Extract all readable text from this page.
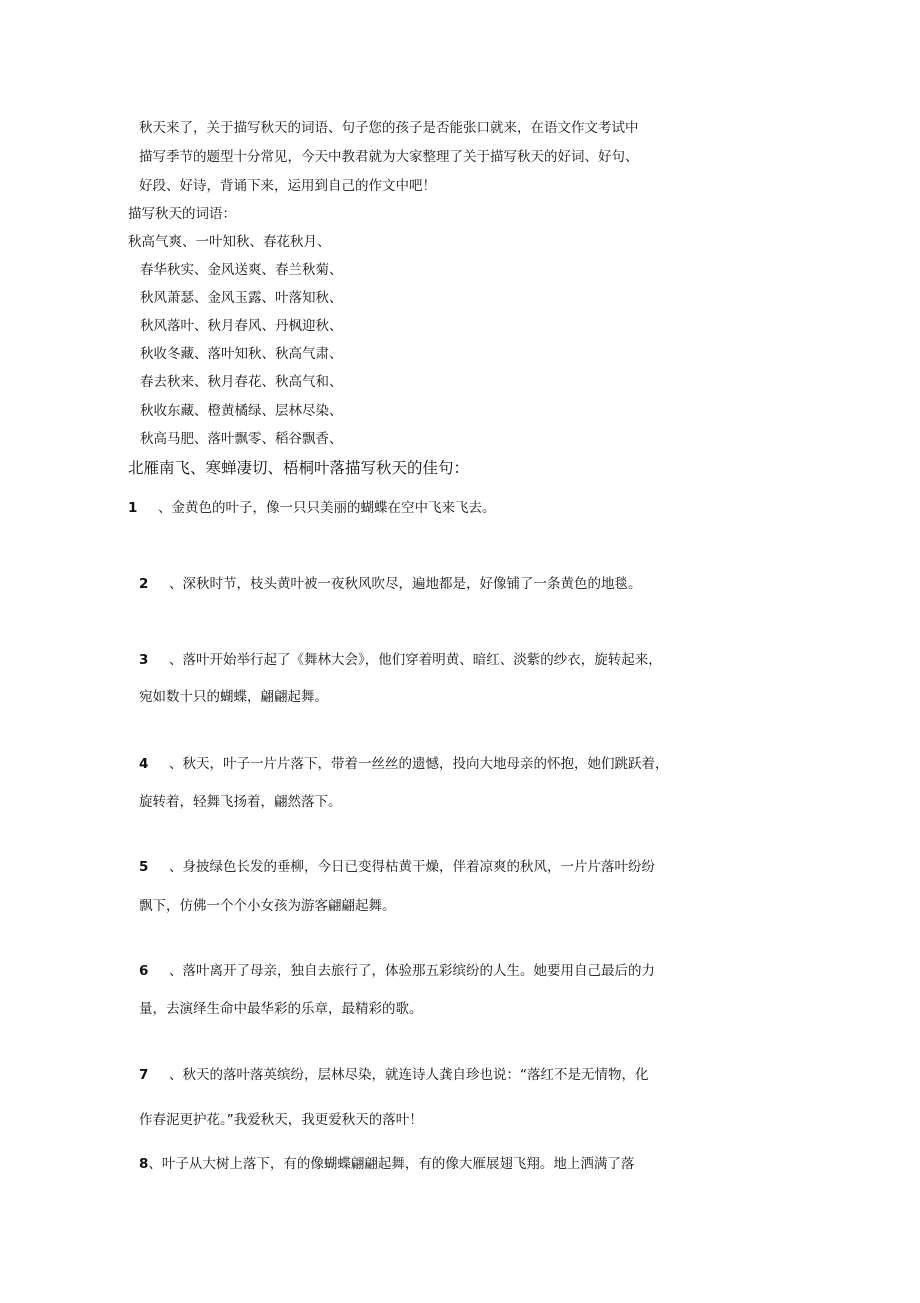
秋天来了，关于描写秋天的词语、句子您的孩子是否能张口就来，在语文作文考试中
描写季节的题型十分常见，今天中教君就为大家整理了关于描写秋天的好词、好句、
好段、好诗，背诵下来，运用到自己的作文中吧！
描写秋天的词语：
秋高气爽、一叶知秋、春花秋月、
春华秋实、金风送爽、春兰秋菊、
秋风萧瑟、金风玉露、叶落知秋、
秋风落叶、秋月春风、丹枫迎秋、
秋收冬藏、落叶知秋、秋高气肃、
春去秋来、秋月春花、秋高气和、
秋收东藏、橙黄橘绿、层林尽染、
秋高马肥、落叶飘零、稻谷飘香、
北雁南飞、寒蝉凄切、梧桐叶落描写秋天的佳句：
1 、金黄色的叶子，像一只只美丽的蝴蝶在空中飞来飞去。
2 、深秋时节，枝头黄叶被一夜秋风吹尽，遍地都是，好像铺了一条黄色的地毯。
3 、落叶开始举行起了《舞林大会》，他们穿着明黄、暗红、淡紫的纱衣，旋转起来，
宛如数十只的蝴蝶，翩翩起舞。
4 、秋天，叶子一片片落下，带着一丝丝的遗憾，投向大地母亲的怀抱，她们跳跃着，
旋转着，轻舞飞扬着，翩然落下。
5 、身披绿色长发的垂柳，今日已变得枯黄干燥，伴着凉爽的秋风，一片片落叶纷纷
飘下，仿佛一个个小女孩为游客翩翩起舞。
6 、落叶离开了母亲，独自去旅行了，体验那五彩缤纷的人生。她要用自己最后的力
量，去演绎生命中最华彩的乐章，最精彩的歌。
7 、秋天的落叶落英缤纷，层林尽染，就连诗人龚自珍也说：“落红不是无情物，化
作春泥更护花。”我爱秋天，我更爱秋天的落叶！
8、叶子从大树上落下，有的像蝴蝶翩翩起舞，有的像大雁展翅飞翔。地上洒满了落
